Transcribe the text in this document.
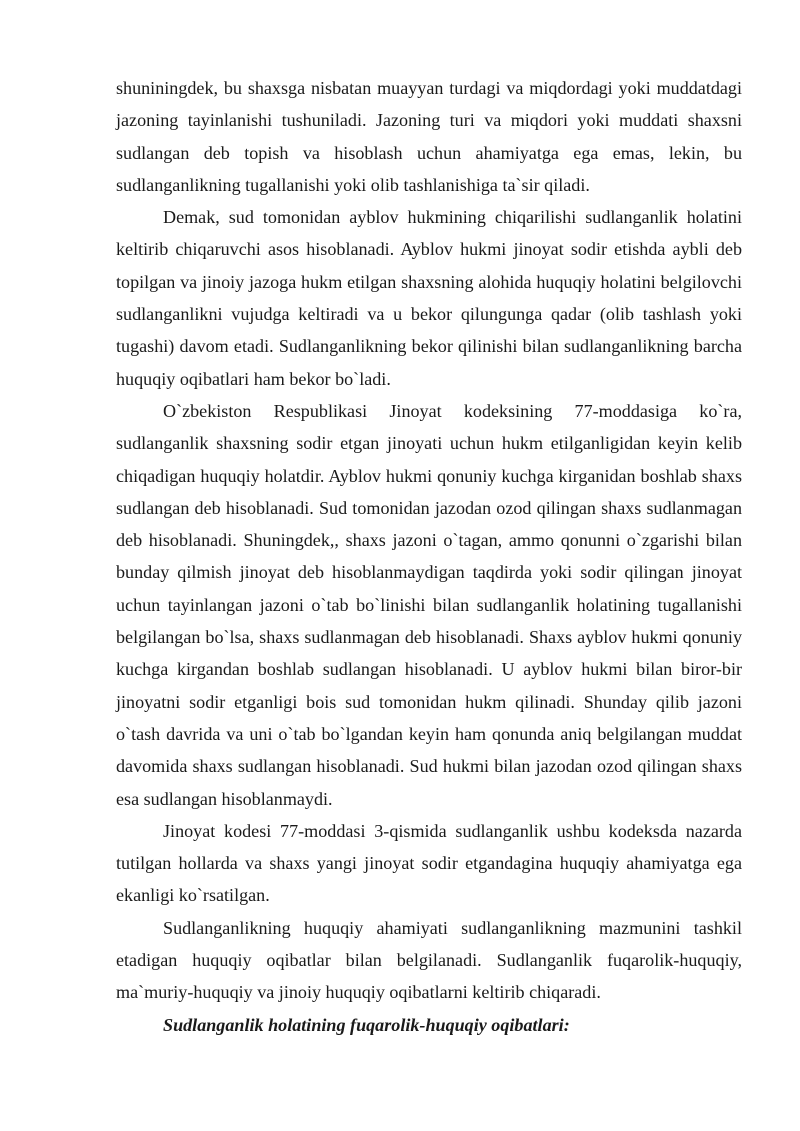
shuniningdek, bu shaxsga nisbatan muayyan turdagi va miqdordagi yoki muddatdagi jazoning tayinlanishi tushuniladi. Jazoning turi va miqdori yoki muddati shaxsni sudlangan deb topish va hisoblash uchun ahamiyatga ega emas, lekin, bu sudlanganlikning tugallanishi yoki olib tashlanishiga ta`sir qiladi.

Demak, sud tomonidan ayblov hukmining chiqarilishi sudlanganlik holatini keltirib chiqaruvchi asos hisoblanadi. Ayblov hukmi jinoyat sodir etishda aybli deb topilgan va jinoiy jazoga hukm etilgan shaxsning alohida huquqiy holatini belgilovchi sudlanganlikni vujudga keltiradi va u bekor qilungunga qadar (olib tashlash yoki tugashi) davom etadi. Sudlanganlikning bekor qilinishi bilan sudlanganlikning barcha huquqiy oqibatlari ham bekor bo`ladi.

O`zbekiston Respublikasi Jinoyat kodeksining 77-moddasiga ko`ra, sudlanganlik shaxsning sodir etgan jinoyati uchun hukm etilganligidan keyin kelib chiqadigan huquqiy holatdir. Ayblov hukmi qonuniy kuchga kirganidan boshlab shaxs sudlangan deb hisoblanadi. Sud tomonidan jazodan ozod qilingan shaxs sudlanmagan deb hisoblanadi. Shuningdek,, shaxs jazoni o`tagan, ammo qonunni o`zgarishi bilan bunday qilmish jinoyat deb hisoblanmaydigan taqdirda yoki sodir qilingan jinoyat uchun tayinlangan jazoni o`tab bo`linishi bilan sudlanganlik holatining tugallanishi belgilangan bo`lsa, shaxs sudlanmagan deb hisoblanadi. Shaxs ayblov hukmi qonuniy kuchga kirgandan boshlab sudlangan hisoblanadi. U ayblov hukmi bilan biror-bir jinoyatni sodir etganligi bois sud tomonidan hukm qilinadi. Shunday qilib jazoni o`tash davrida va uni o`tab bo`lgandan keyin ham qonunda aniq belgilangan muddat davomida shaxs sudlangan hisoblanadi. Sud hukmi bilan jazodan ozod qilingan shaxs esa sudlangan hisoblanmaydi.

Jinoyat kodesi 77-moddasi 3-qismida sudlanganlik ushbu kodeksda nazarda tutilgan hollarda va shaxs yangi jinoyat sodir etgandagina huquqiy ahamiyatga ega ekanligi ko`rsatilgan.

Sudlanganlikning huquqiy ahamiyati sudlanganlikning mazmunini tashkil etadigan huquqiy oqibatlar bilan belgilanadi. Sudlanganlik fuqarolik-huquqiy, ma`muriy-huquqiy va jinoiy huquqiy oqibatlarni keltirib chiqaradi.

Sudlanganlik holatining fuqarolik-huquqiy oqibatlari:
